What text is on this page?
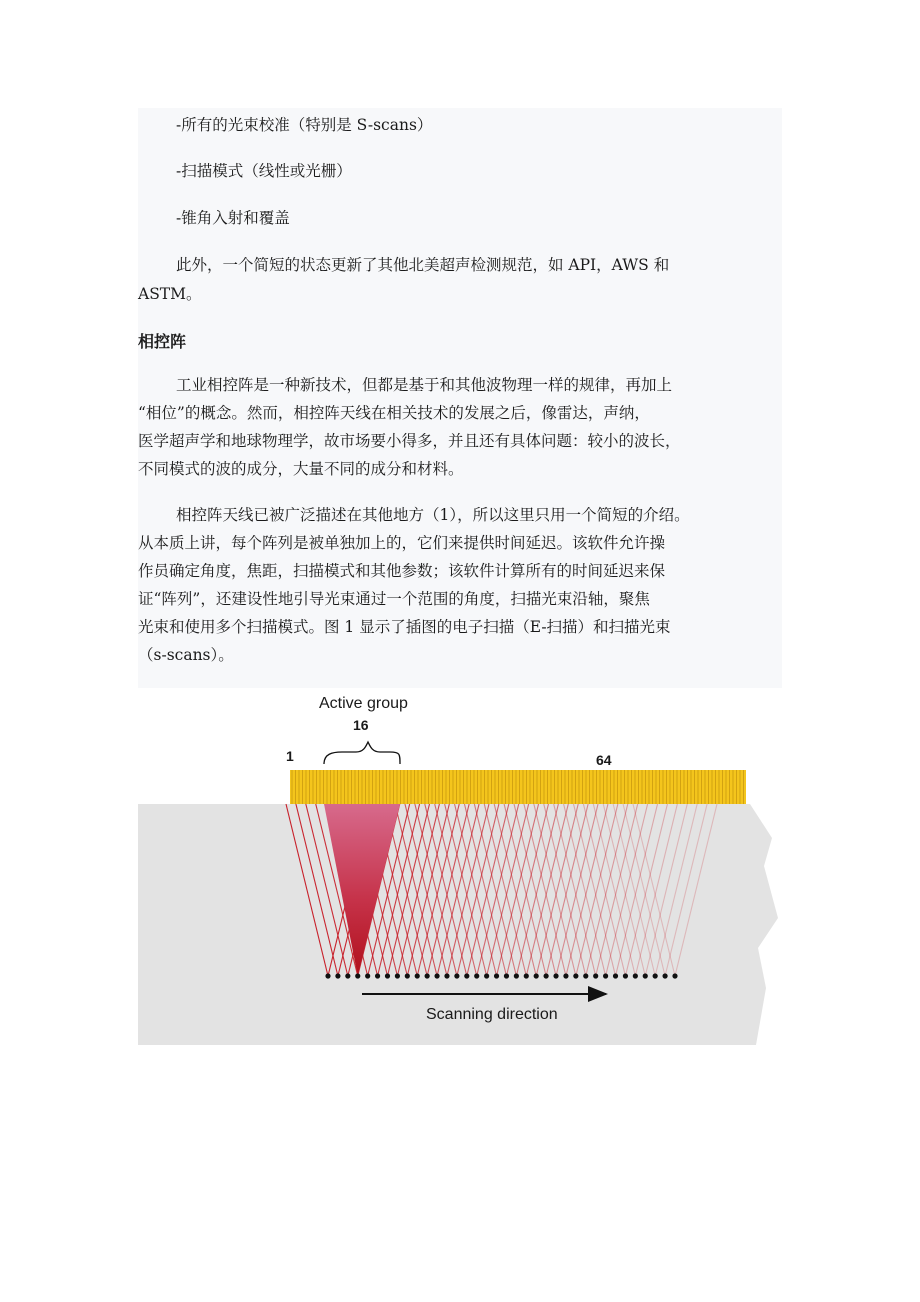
-所有的光束校准（特别是 S-scans）
-扫描模式（线性或光栅）
-锥角入射和覆盖
此外，一个简短的状态更新了其他北美超声检测规范，如 API，AWS 和
ASTM。
相控阵
工业相控阵是一种新技术，但都是基于和其他波物理一样的规律，再加上
“相位”的概念。然而，相控阵天线在相关技术的发展之后，像雷达，声纳，
医学超声学和地球物理学，故市场要小得多，并且还有具体问题：较小的波长，
不同模式的波的成分，大量不同的成分和材料。
相控阵天线已被广泛描述在其他地方（1），所以这里只用一个简短的介绍。
从本质上讲，每个阵列是被单独加上的，它们来提供时间延迟。该软件允许操
作员确定角度，焦距，扫描模式和其他参数；该软件计算所有的时间延迟来保
证“阵列”，还建设性地引导光束通过一个范围的角度，扫描光束沿轴，聚焦
光束和使用多个扫描模式。图 1 显示了插图的电子扫描（E-扫描）和扫描光束
（s-scans）。
Active group
16
1	64
Scanning direction
